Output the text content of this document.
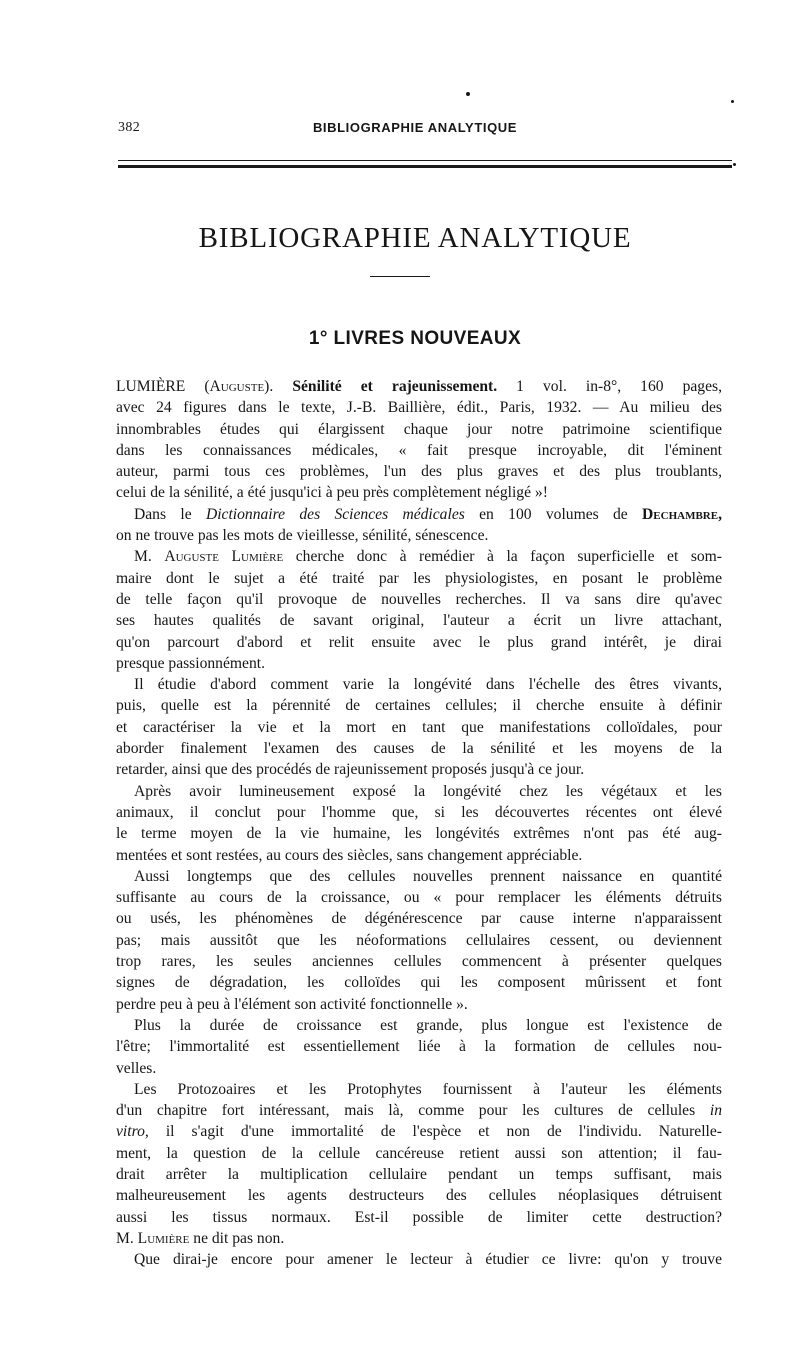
382	BIBLIOGRAPHIE ANALYTIQUE
BIBLIOGRAPHIE ANALYTIQUE
1° LIVRES NOUVEAUX
LUMIÈRE (Auguste). Sénilité et rajeunissement. 1 vol. in-8°, 160 pages,
avec 24 figures dans le texte, J.-B. Baillière, édit., Paris, 1932. — Au milieu des
innombrables études qui élargissent chaque jour notre patrimoine scientifique
dans les connaissances médicales, « fait presque incroyable, dit l'éminent
auteur, parmi tous ces problèmes, l'un des plus graves et des plus troublants,
celui de la sénilité, a été jusqu'ici à peu près complètement négligé »!
Dans le Dictionnaire des Sciences médicales en 100 volumes de Dechambre,
on ne trouve pas les mots de vieillesse, sénilité, sénescence.
M. Auguste Lumière cherche donc à remédier à la façon superficielle et som-
maire dont le sujet a été traité par les physiologistes, en posant le problème
de telle façon qu'il provoque de nouvelles recherches. Il va sans dire qu'avec
ses hautes qualités de savant original, l'auteur a écrit un livre attachant,
qu'on parcourt d'abord et relit ensuite avec le plus grand intérêt, je dirai
presque passionnément.
Il étudie d'abord comment varie la longévité dans l'échelle des êtres vivants,
puis, quelle est la pérennité de certaines cellules; il cherche ensuite à définir
et caractériser la vie et la mort en tant que manifestations colloïdales, pour
aborder finalement l'examen des causes de la sénilité et les moyens de la
retarder, ainsi que des procédés de rajeunissement proposés jusqu'à ce jour.
Après avoir lumineusement exposé la longévité chez les végétaux et les
animaux, il conclut pour l'homme que, si les découvertes récentes ont élevé
le terme moyen de la vie humaine, les longévités extrêmes n'ont pas été aug-
mentées et sont restées, au cours des siècles, sans changement appréciable.
Aussi longtemps que des cellules nouvelles prennent naissance en quantité
suffisante au cours de la croissance, ou « pour remplacer les éléments détruits
ou usés, les phénomènes de dégénérescence par cause interne n'apparaissent
pas; mais aussitôt que les néoformations cellulaires cessent, ou deviennent
trop rares, les seules anciennes cellules commencent à présenter quelques
signes de dégradation, les colloïdes qui les composent mûrissent et font
perdre peu à peu à l'élément son activité fonctionnelle ».
Plus la durée de croissance est grande, plus longue est l'existence de
l'être; l'immortalité est essentiellement liée à la formation de cellules nou-
velles.
Les Protozoaires et les Protophytes fournissent à l'auteur les éléments
d'un chapitre fort intéressant, mais là, comme pour les cultures de cellules in
vitro, il s'agit d'une immortalité de l'espèce et non de l'individu. Naturelle-
ment, la question de la cellule cancéreuse retient aussi son attention; il fau-
drait arrêter la multiplication cellulaire pendant un temps suffisant, mais
malheureusement les agents destructeurs des cellules néoplasiques détruisent
aussi les tissus normaux. Est-il possible de limiter cette destruction?
M. Lumière ne dit pas non.
Que dirai-je encore pour amener le lecteur à étudier ce livre: qu'on y trouve
